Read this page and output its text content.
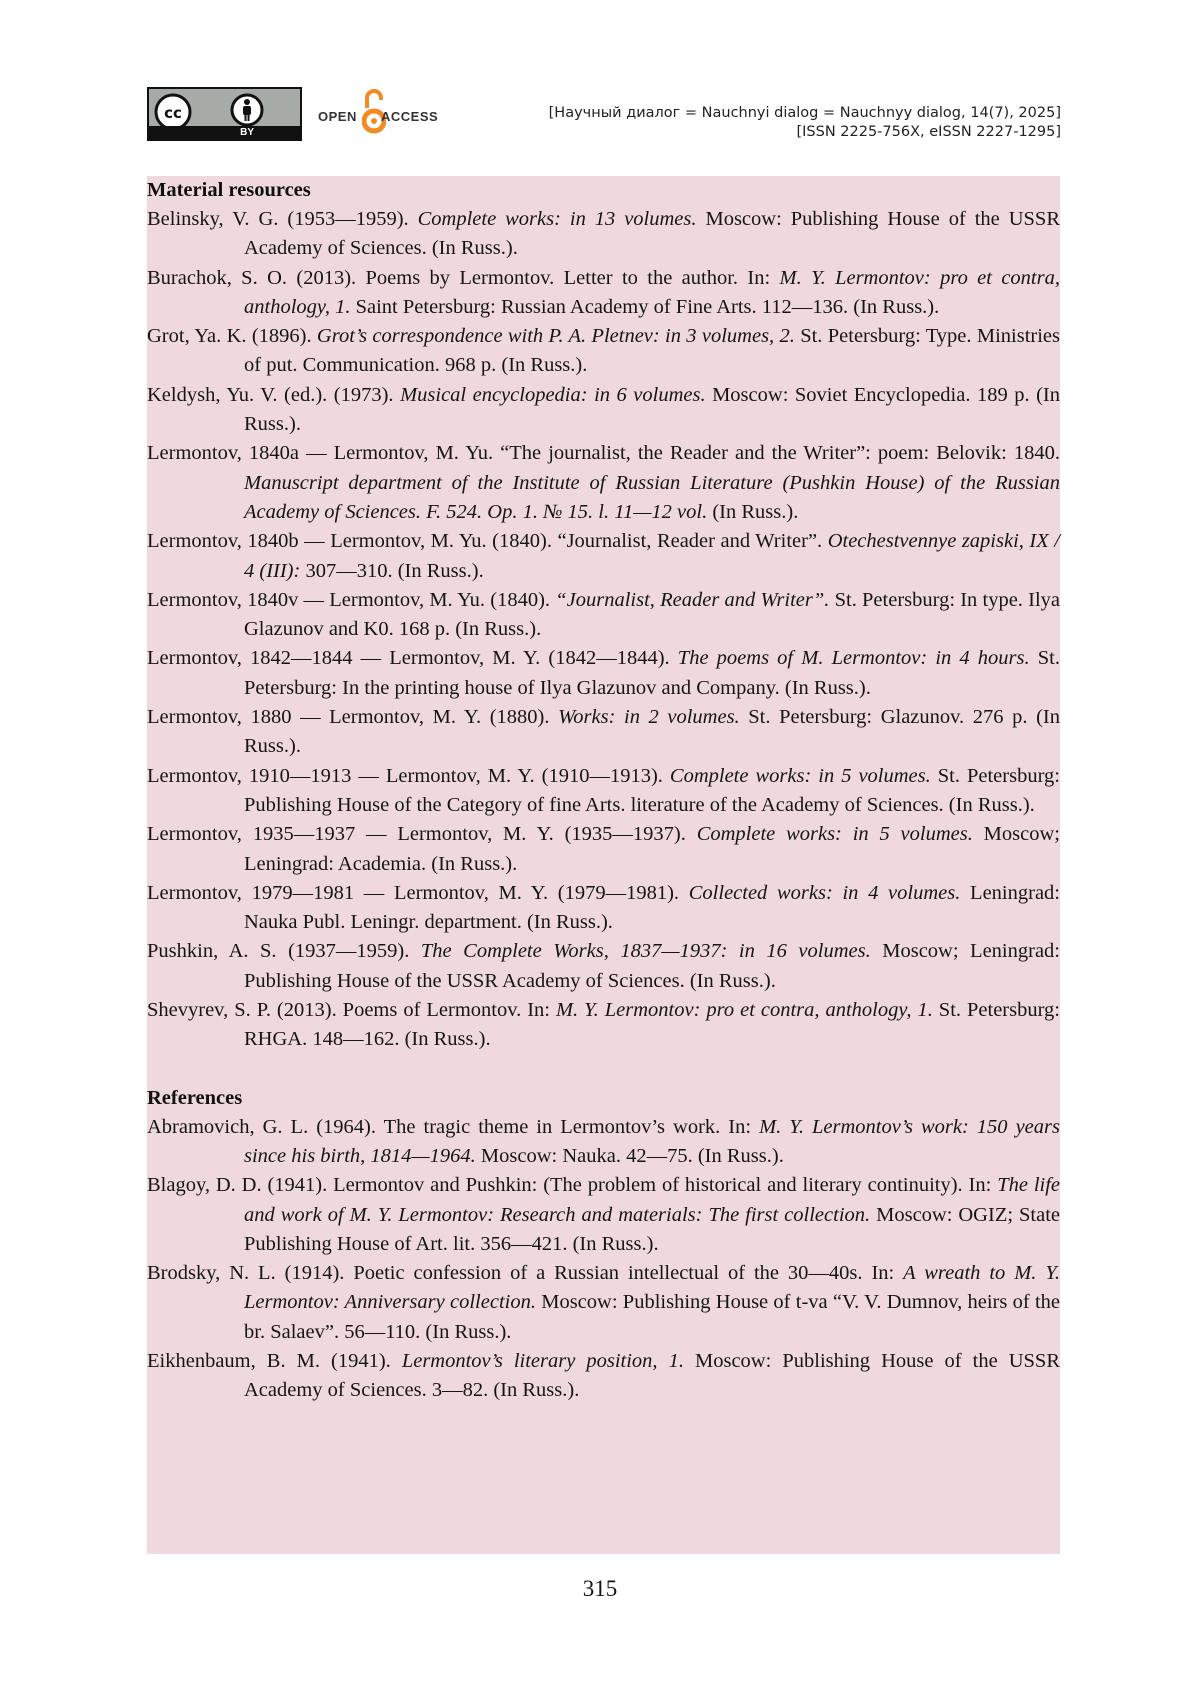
cc
BY
OPEN ACCESS	[Научный диалог = Nauchnyi dialog = Nauchnyy dialog, 14(7), 2025]
[ISSN 2225-756X, eISSN 2227-1295]
Material resources

Belinsky, V. G. (1953—1959). Complete works: in 13 volumes. Moscow: Publishing House of the USSR Academy of Sciences. (In Russ.).

Burachok, S. O. (2013). Poems by Lermontov. Letter to the author. In: M. Y. Lermontov: pro et contra, anthology, 1. Saint Petersburg: Russian Academy of Fine Arts. 112—136. (In Russ.).

Grot, Ya. K. (1896). Grot’s correspondence with P. A. Pletnev: in 3 volumes, 2. St. Petersburg: Type. Ministries of put. Communication. 968 p. (In Russ.).

Keldysh, Yu. V. (ed.). (1973). Musical encyclopedia: in 6 volumes. Moscow: Soviet Encyclopedia. 189 p. (In Russ.).

Lermontov, 1840a — Lermontov, M. Yu. “The journalist, the Reader and the Writer”: poem: Belovik: 1840. Manuscript department of the Institute of Russian Literature (Pushkin House) of the Russian Academy of Sciences. F. 524. Op. 1. № 15. l. 11—12 vol. (In Russ.).

Lermontov, 1840b — Lermontov, M. Yu. (1840). “Journalist, Reader and Writer”. Otechestvennye zapiski, IX / 4 (III): 307—310. (In Russ.).

Lermontov, 1840v — Lermontov, M. Yu. (1840). “Journalist, Reader and Writer”. St. Petersburg: In type. Ilya Glazunov and K0. 168 p. (In Russ.).

Lermontov, 1842—1844 — Lermontov, M. Y. (1842—1844). The poems of M. Lermontov: in 4 hours. St. Petersburg: In the printing house of Ilya Glazunov and Company. (In Russ.).

Lermontov, 1880 — Lermontov, M. Y. (1880). Works: in 2 volumes. St. Petersburg: Glazunov. 276 p. (In Russ.).

Lermontov, 1910—1913 — Lermontov, M. Y. (1910—1913). Complete works: in 5 volumes. St. Petersburg: Publishing House of the Category of fine Arts. literature of the Academy of Sciences. (In Russ.).

Lermontov, 1935—1937 — Lermontov, M. Y. (1935—1937). Complete works: in 5 volumes. Moscow; Leningrad: Academia. (In Russ.).

Lermontov, 1979—1981 — Lermontov, M. Y. (1979—1981). Collected works: in 4 volumes. Leningrad: Nauka Publ. Leningr. department. (In Russ.).

Pushkin, A. S. (1937—1959). The Complete Works, 1837—1937: in 16 volumes. Moscow; Leningrad: Publishing House of the USSR Academy of Sciences. (In Russ.).

Shevyrev, S. P. (2013). Poems of Lermontov. In: M. Y. Lermontov: pro et contra, anthology, 1. St. Petersburg: RHGA. 148—162. (In Russ.).

References

Abramovich, G. L. (1964). The tragic theme in Lermontov’s work. In: M. Y. Lermontov’s work: 150 years since his birth, 1814—1964. Moscow: Nauka. 42—75. (In Russ.).

Blagoy, D. D. (1941). Lermontov and Pushkin: (The problem of historical and literary continuity). In: The life and work of M. Y. Lermontov: Research and materials: The first collection. Moscow: OGIZ; State Publishing House of Art. lit. 356—421. (In Russ.).

Brodsky, N. L. (1914). Poetic confession of a Russian intellectual of the 30—40s. In: A wreath to M. Y. Lermontov: Anniversary collection. Moscow: Publishing House of t-va “V. V. Dumnov, heirs of the br. Salaev”. 56—110. (In Russ.).

Eikhenbaum, B. M. (1941). Lermontov’s literary position, 1. Moscow: Publishing House of the USSR Academy of Sciences. 3—82. (In Russ.).

315
